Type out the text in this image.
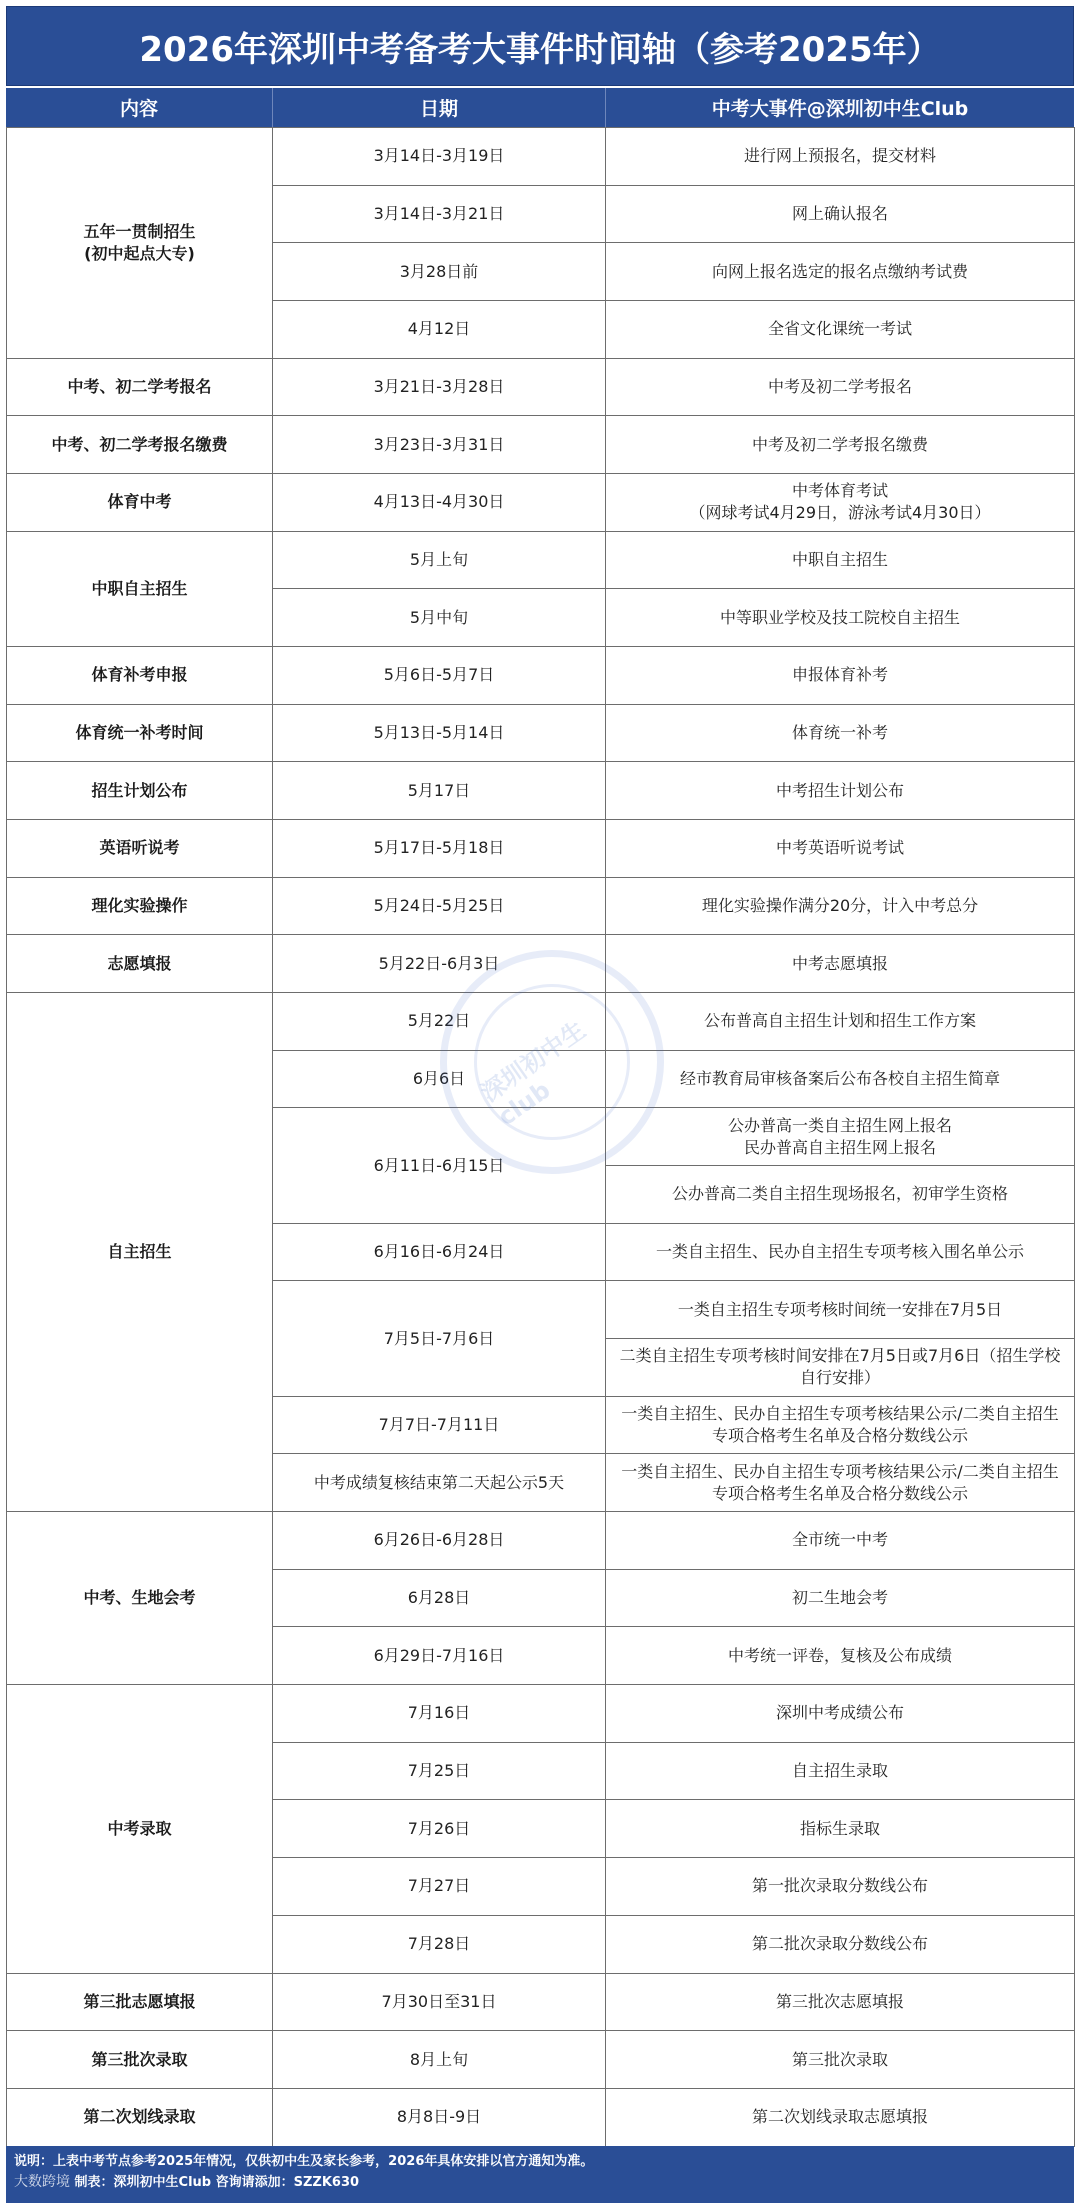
2026年深圳中考备考大事件时间轴（参考2025年）
内容	日期	中考大事件@深圳初中生Club
五年一贯制招生
(初中起点大专)	3月14日-3月19日	进行网上预报名，提交材料

	3月14日-3月21日	网上确认报名

	3月28日前	向网上报名选定的报名点缴纳考试费

	4月12日	全省文化课统一考试

中考、初二学考报名	3月21日-3月28日	中考及初二学考报名

中考、初二学考报名缴费	3月23日-3月31日	中考及初二学考报名缴费

体育中考	4月13日-4月30日	中考体育考试
（网球考试4月29日，游泳考试4月30日）

中职自主招生	5月上旬	中职自主招生

	5月中旬	中等职业学校及技工院校自主招生

体育补考申报	5月6日-5月7日	申报体育补考

体育统一补考时间	5月13日-5月14日	体育统一补考

招生计划公布	5月17日	中考招生计划公布

英语听说考	5月17日-5月18日	中考英语听说考试

理化实验操作	5月24日-5月25日	理化实验操作满分20分，计入中考总分

志愿填报	5月22日-6月3日	中考志愿填报

自主招生	5月22日	公布普高自主招生计划和招生工作方案

	6月6日	经市教育局审核备案后公布各校自主招生简章

	6月11日-6月15日	公办普高一类自主招生网上报名
民办普高自主招生网上报名

		公办普高二类自主招生现场报名，初审学生资格

	6月16日-6月24日	一类自主招生、民办自主招生专项考核入围名单公示

	7月5日-7月6日	一类自主招生专项考核时间统一安排在7月5日

		二类自主招生专项考核时间安排在7月5日或7月6日（招生学校
自行安排）

	7月7日-7月11日	一类自主招生、民办自主招生专项考核结果公示/二类自主招生
专项合格考生名单及合格分数线公示

	中考成绩复核结束第二天起公示5天	一类自主招生、民办自主招生专项考核结果公示/二类自主招生
专项合格考生名单及合格分数线公示

中考、生地会考	6月26日-6月28日	全市统一中考

	6月28日	初二生地会考

	6月29日-7月16日	中考统一评卷，复核及公布成绩

中考录取	7月16日	深圳中考成绩公布

	7月25日	自主招生录取

	7月26日	指标生录取

	7月27日	第一批次录取分数线公布

	7月28日	第二批次录取分数线公布

第三批志愿填报	7月30日至31日	第三批次志愿填报

第三批次录取	8月上旬	第三批次录取

第二次划线录取	8月8日-9日	第二次划线录取志愿填报
深圳初中生club
说明：上表中考节点参考2025年情况，仅供初中生及家长参考，2026年具体安排以官方通知为准。
大数跨境 制表：深圳初中生Club 咨询请添加：SZZK630
